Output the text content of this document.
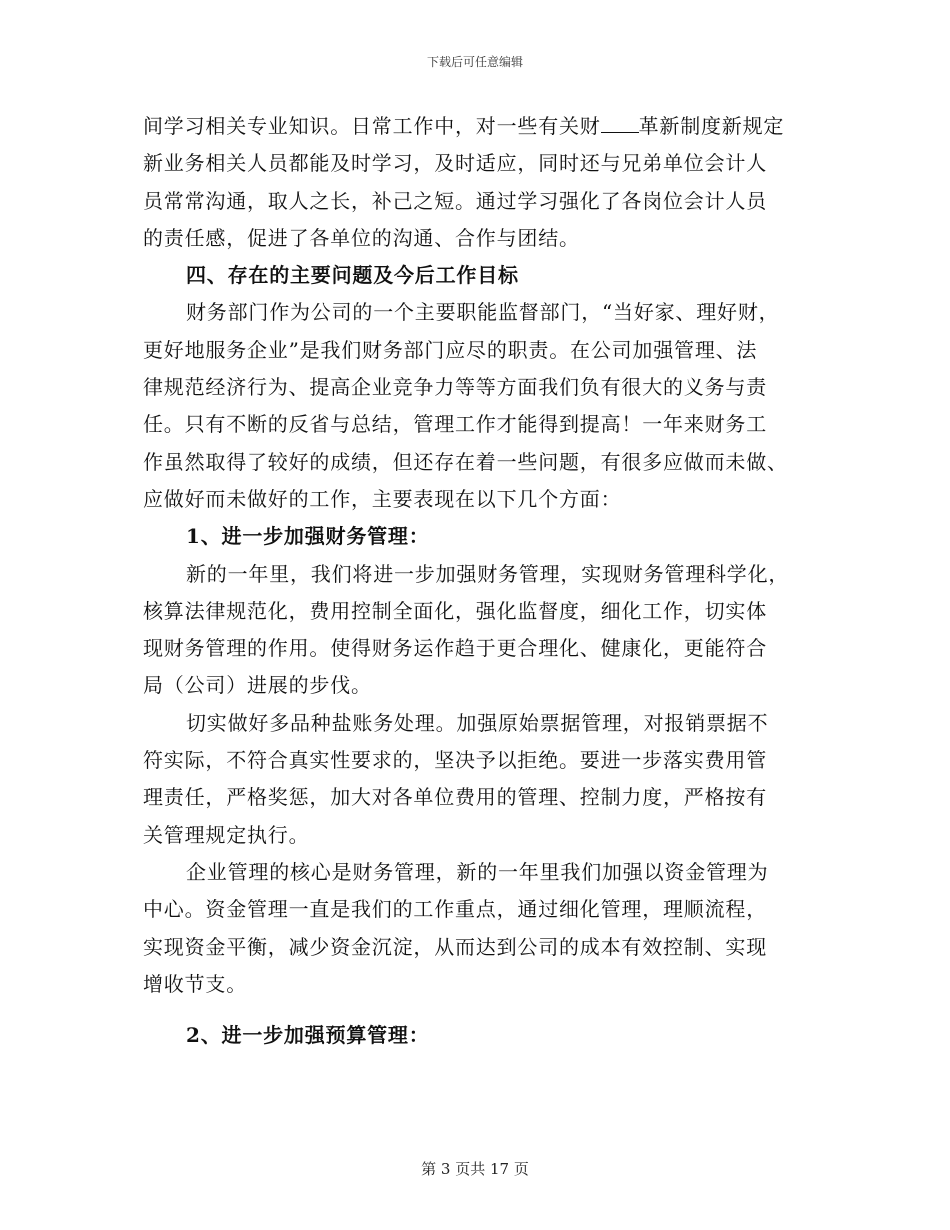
下载后可任意编辑
间学习相关专业知识。日常工作中，对一些有关财 革新制度新规定
新业务相关人员都能及时学习，及时适应，同时还与兄弟单位会计人
员常常沟通，取人之长，补己之短。通过学习强化了各岗位会计人员
的责任感，促进了各单位的沟通、合作与团结。
四、存在的主要问题及今后工作目标
财务部门作为公司的一个主要职能监督部门，“当好家、理好财，
更好地服务企业”是我们财务部门应尽的职责。在公司加强管理、法
律规范经济行为、提高企业竞争力等等方面我们负有很大的义务与责
任。只有不断的反省与总结，管理工作才能得到提高！一年来财务工
作虽然取得了较好的成绩，但还存在着一些问题，有很多应做而未做、
应做好而未做好的工作，主要表现在以下几个方面：
1、进一步加强财务管理：
新的一年里，我们将进一步加强财务管理，实现财务管理科学化，
核算法律规范化，费用控制全面化，强化监督度，细化工作，切实体
现财务管理的作用。使得财务运作趋于更合理化、健康化，更能符合
局（公司）进展的步伐。
切实做好多品种盐账务处理。加强原始票据管理，对报销票据不
符实际，不符合真实性要求的，坚决予以拒绝。要进一步落实费用管
理责任，严格奖惩，加大对各单位费用的管理、控制力度，严格按有
关管理规定执行。
企业管理的核心是财务管理，新的一年里我们加强以资金管理为
中心。资金管理一直是我们的工作重点，通过细化管理，理顺流程，
实现资金平衡，减少资金沉淀，从而达到公司的成本有效控制、实现
增收节支。
2、进一步加强预算管理：
第 3 页共 17 页
